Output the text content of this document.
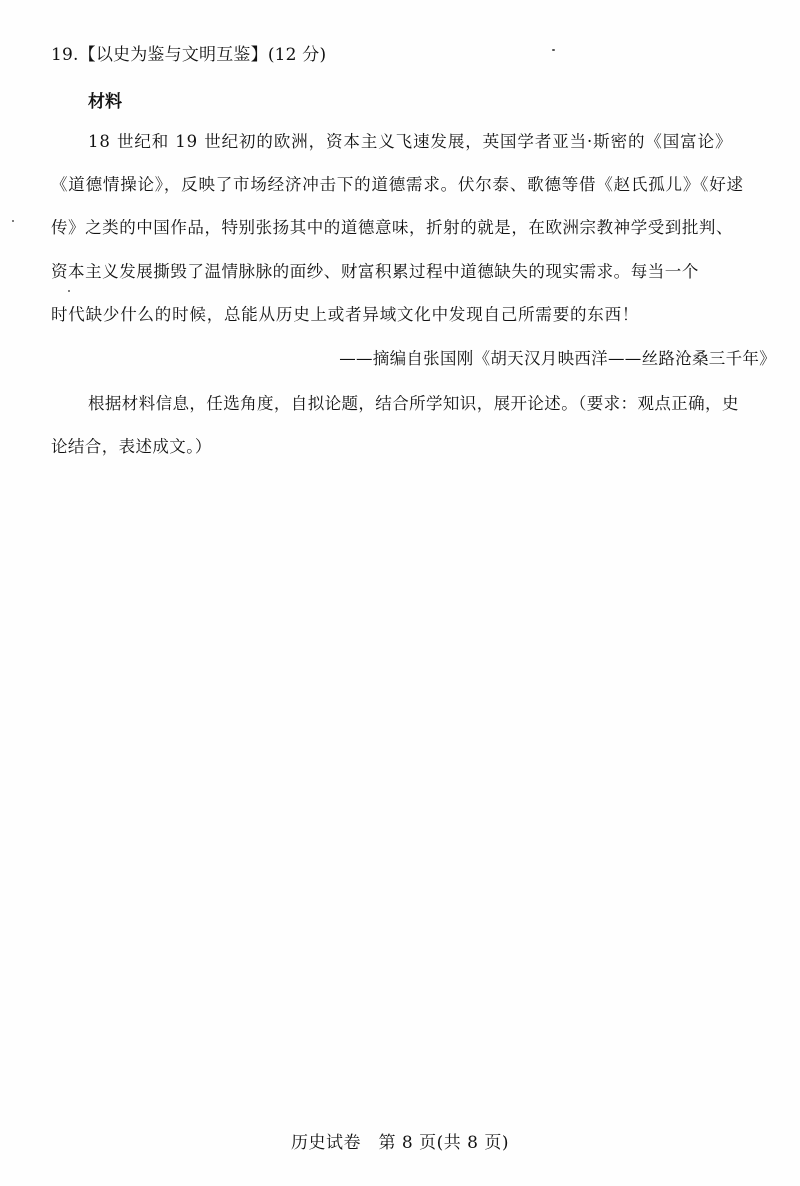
19.【以史为鉴与文明互鉴】(12 分)
材料
18 世纪和 19 世纪初的欧洲，资本主义飞速发展，英国学者亚当·斯密的《国富论》
《道德情操论》，反映了市场经济冲击下的道德需求。伏尔泰、歌德等借《赵氏孤儿》《好逑
传》之类的中国作品，特别张扬其中的道德意味，折射的就是，在欧洲宗教神学受到批判、
资本主义发展撕毁了温情脉脉的面纱、财富积累过程中道德缺失的现实需求。每当一个
时代缺少什么的时候，总能从历史上或者异域文化中发现自己所需要的东西！
——摘编自张国刚《胡天汉月映西洋——丝路沧桑三千年》
根据材料信息，任选角度，自拟论题，结合所学知识，展开论述。（要求：观点正确，史
论结合，表述成文。）
历史试卷　第 8 页(共 8 页)
